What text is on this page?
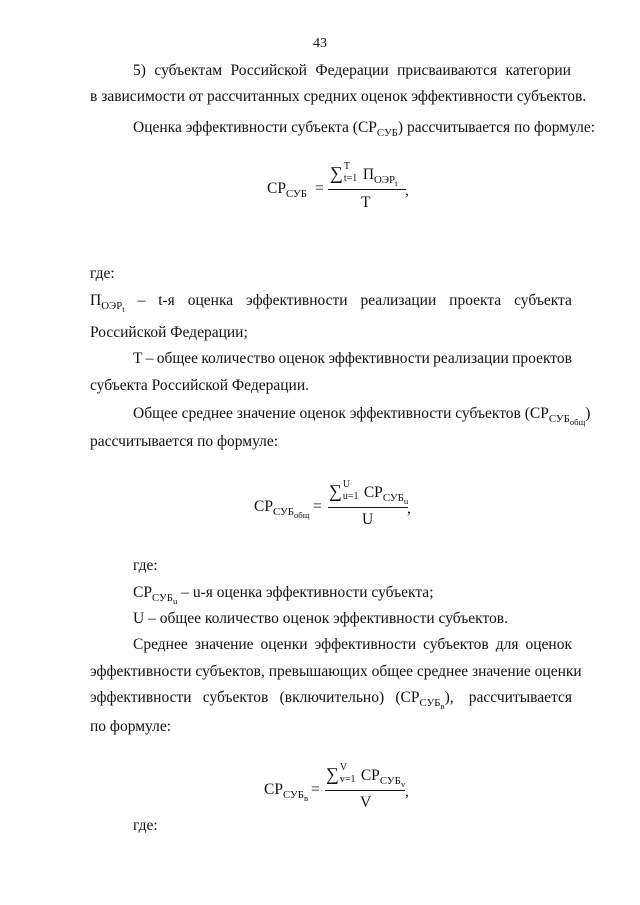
43
5) субъектам Российской Федерации присваиваются категории
в зависимости от рассчитанных средних оценок эффективности субъектов.
Оценка эффективности субъекта $(СР_{СУБ})$ рассчитывается по формуле:
$СР_{СУБ}$ =
∑ T
t=1 $П_{ОЭР_t}$
T
,
где:
$П_{ОЭР_t}$
– t-я оценка эффективности реализации проекта субъекта
Российской Федерации;
Т – общее количество оценок эффективности реализации проектов
субъекта Российской Федерации.
Общее среднее значение оценок эффективности субъектов $(СР_{СУБ_{общ}})$
рассчитывается по формуле:
$СР_{СУБ_{общ}}$
=
∑ U
u=1 $СР_{СУБ_u}$
U
,
где:
$СР_{СУБ_u} - u-я$ оценка эффективности субъекта;
U – общее количество оценок эффективности субъектов.
Среднее значение оценки эффективности субъектов для оценок
эффективности субъектов, превышающих общее среднее значение оценки
эффективности субъектов (включительно) $(СР_{СУБ_в})$, рассчитывается
по формуле:
$СР_{СУБ_в}$
=
∑ V
v=1 $СР_{СУБ_v}$
V
,
где:
